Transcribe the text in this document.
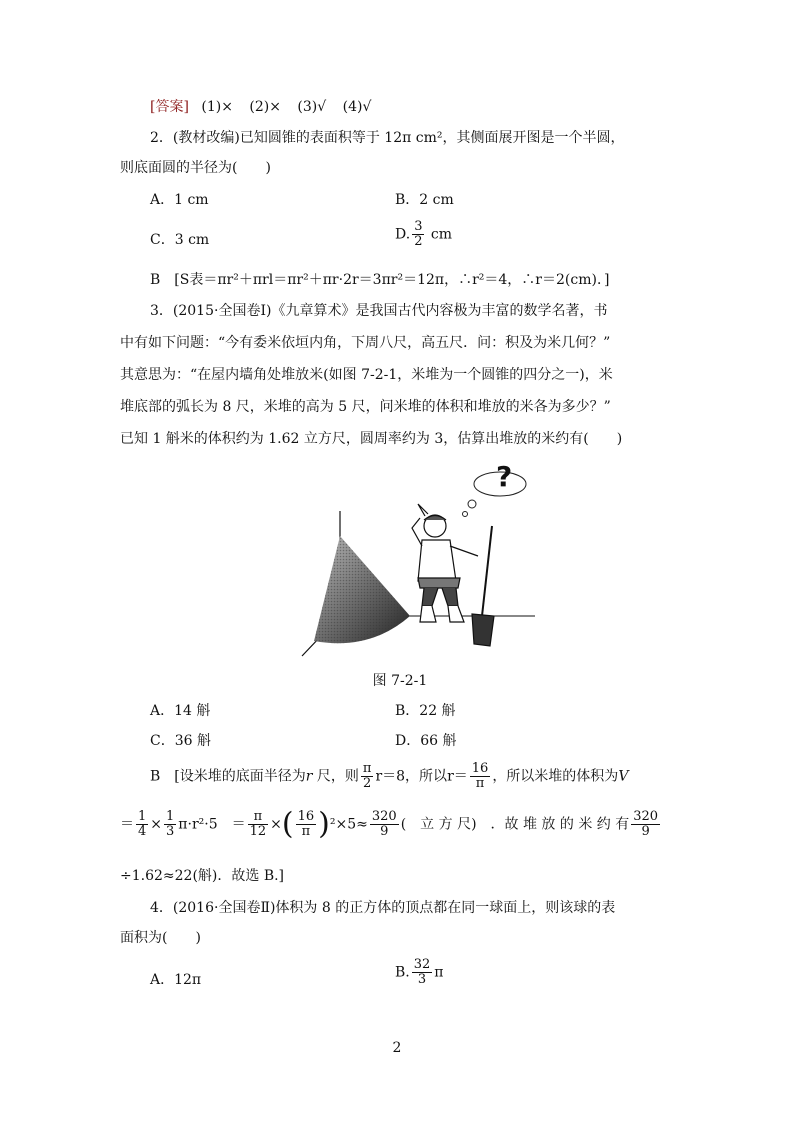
[答案] (1)× (2)× (3)√ (4)√
2．(教材改编)已知圆锥的表面积等于 12π cm²，其侧面展开图是一个半圆，
则底面圆的半径为(　　)
A．1 cm	B．2 cm
C．3 cm	D. $\frac{3}{2}$ cm
B　[S表＝πr²＋πrl＝πr²＋πr·2r＝3πr²＝12π，∴r²＝4，∴r＝2(cm)．]
3．(2015·全国卷Ⅰ)《九章算术》是我国古代内容极为丰富的数学名著，书
中有如下问题：“今有委米依垣内角，下周八尺，高五尺．问：积及为米几何？”
其意思为：“在屋内墙角处堆放米(如图 7-2-1，米堆为一个圆锥的四分之一)，米
堆底部的弧长为 8 尺，米堆的高为 5 尺，问米堆的体积和堆放的米各为多少？”
已知 1 斛米的体积约为 1.62 立方尺，圆周率约为 3，估算出堆放的米约有(　　)
?
图 7-2-1
A．14 斛	B．22 斛
C．36 斛	D．66 斛
B　[设米堆的底面半径为r 尺，则 $\frac{\pi}{2} r=8$，所以$r= \frac{16}{\pi}$ ，所以米堆的体积为V
＝ $\frac{1}{4} \times \frac{1}{3} \pi\cdot r^2\cdot 5$　＝ $\frac{\pi}{12}$ ×( $\frac{16}{\pi} )^2\times 5\approx \frac{320}{9}$ (　立 方 尺)　．故 堆 放 的 米 约 有 $\frac{320}{9}$
÷1.62≈22(斛)．故选 B.]
4．(2016·全国卷Ⅱ)体积为 8 的正方体的顶点都在同一球面上，则该球的表
面积为(　　)
A．12π	B. $\frac{32}{3}$ π
2
